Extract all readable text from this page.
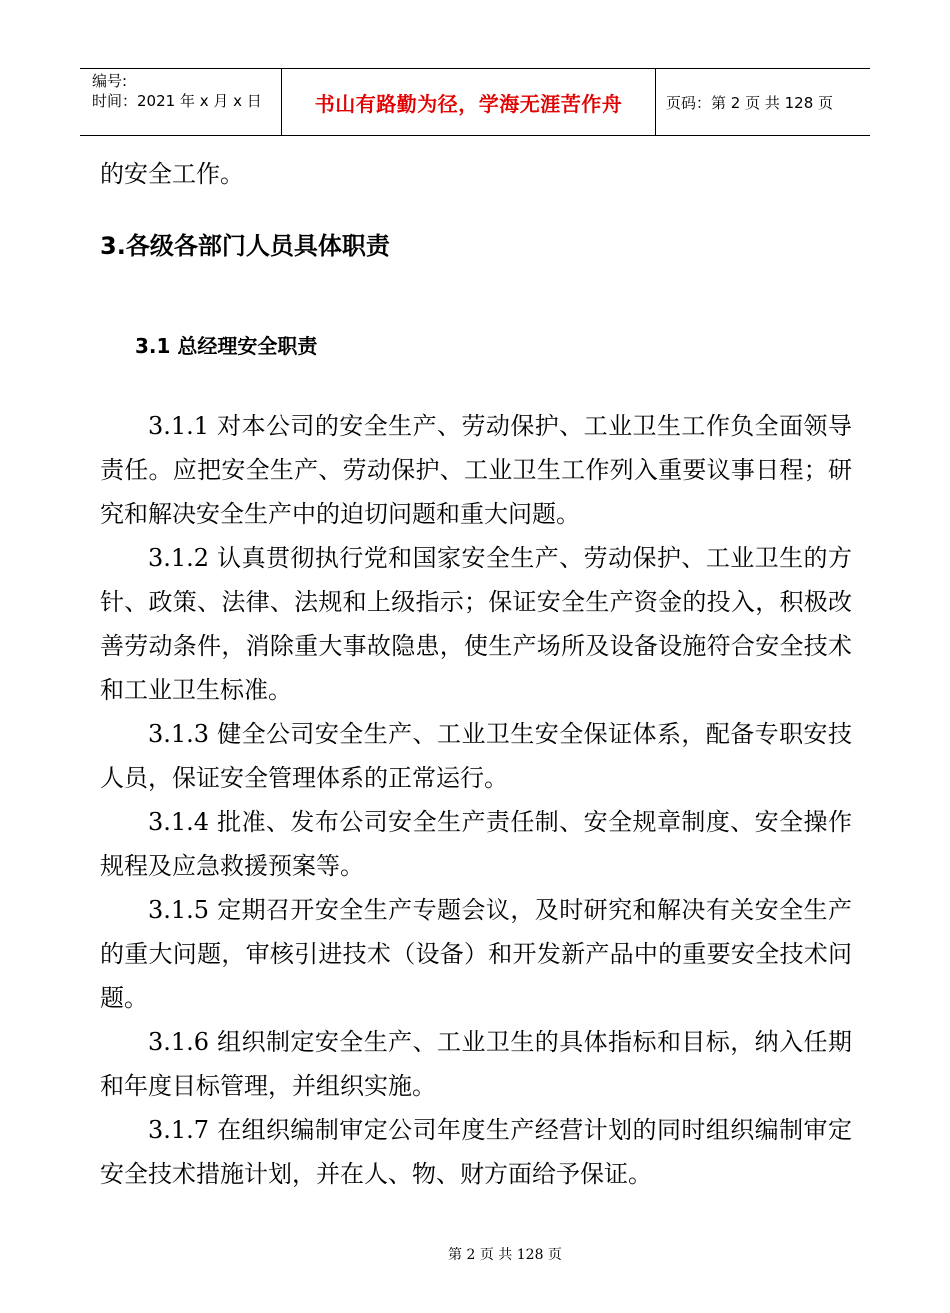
编号:
时间：2021 年 x 月 x 日	书山有路勤为径，学海无涯苦作舟	页码：第 2 页 共 128 页

的安全工作。

3.各级各部门人员具体职责
3.1 总经理安全职责

3.1.1 对本公司的安全生产、劳动保护、工业卫生工作负全面领导责任。应把安全生产、劳动保护、工业卫生工作列入重要议事日程；研究和解决安全生产中的迫切问题和重大问题。

3.1.2 认真贯彻执行党和国家安全生产、劳动保护、工业卫生的方针、政策、法律、法规和上级指示；保证安全生产资金的投入，积极改善劳动条件，消除重大事故隐患，使生产场所及设备设施符合安全技术和工业卫生标准。

3.1.3 健全公司安全生产、工业卫生安全保证体系，配备专职安技人员，保证安全管理体系的正常运行。

3.1.4 批准、发布公司安全生产责任制、安全规章制度、安全操作规程及应急救援预案等。

3.1.5 定期召开安全生产专题会议，及时研究和解决有关安全生产的重大问题，审核引进技术（设备）和开发新产品中的重要安全技术问题。

3.1.6 组织制定安全生产、工业卫生的具体指标和目标，纳入任期和年度目标管理，并组织实施。

3.1.7 在组织编制审定公司年度生产经营计划的同时组织编制审定安全技术措施计划，并在人、物、财方面给予保证。

第 2 页 共 128 页
